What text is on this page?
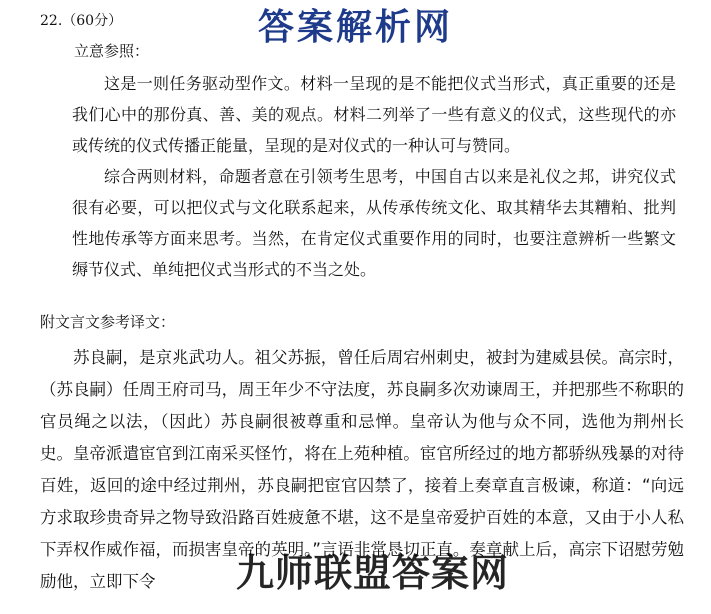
22.（60分）	答案解析网
立意参照：

这是一则任务驱动型作文。材料一呈现的是不能把仪式当形式，真正重要的还是我们心中的那份真、善、美的观点。材料二列举了一些有意义的仪式，这些现代的亦或传统的仪式传播正能量，呈现的是对仪式的一种认可与赞同。

综合两则材料，命题者意在引领考生思考，中国自古以来是礼仪之邦，讲究仪式很有必要，可以把仪式与文化联系起来，从传承传统文化、取其精华去其糟粕、批判性地传承等方面来思考。当然，在肯定仪式重要作用的同时，也要注意辨析一些繁文缛节仪式、单纯把仪式当形式的不当之处。

附文言文参考译文：

苏良嗣，是京兆武功人。祖父苏振，曾任后周宕州刺史，被封为建威县侯。高宗时，（苏良嗣）任周王府司马，周王年少不守法度，苏良嗣多次劝谏周王，并把那些不称职的官员绳之以法，（因此）苏良嗣很被尊重和忌惮。皇帝认为他与众不同，选他为荆州长史。皇帝派遣宦官到江南采买怪竹，将在上苑种植。宦官所经过的地方都骄纵残暴的对待百姓，返回的途中经过荆州，苏良嗣把宦官囚禁了，接着上奏章直言极谏，称道：“向远方求取珍贵奇异之物导致沿路百姓疲惫不堪，这不是皇帝爱护百姓的本意，又由于小人私下弄权作威作福，而损害皇帝的英明。”言语非常恳切正直。奏章献上后，高宗下诏慰劳勉励他，立即下令	九师联盟答案网
